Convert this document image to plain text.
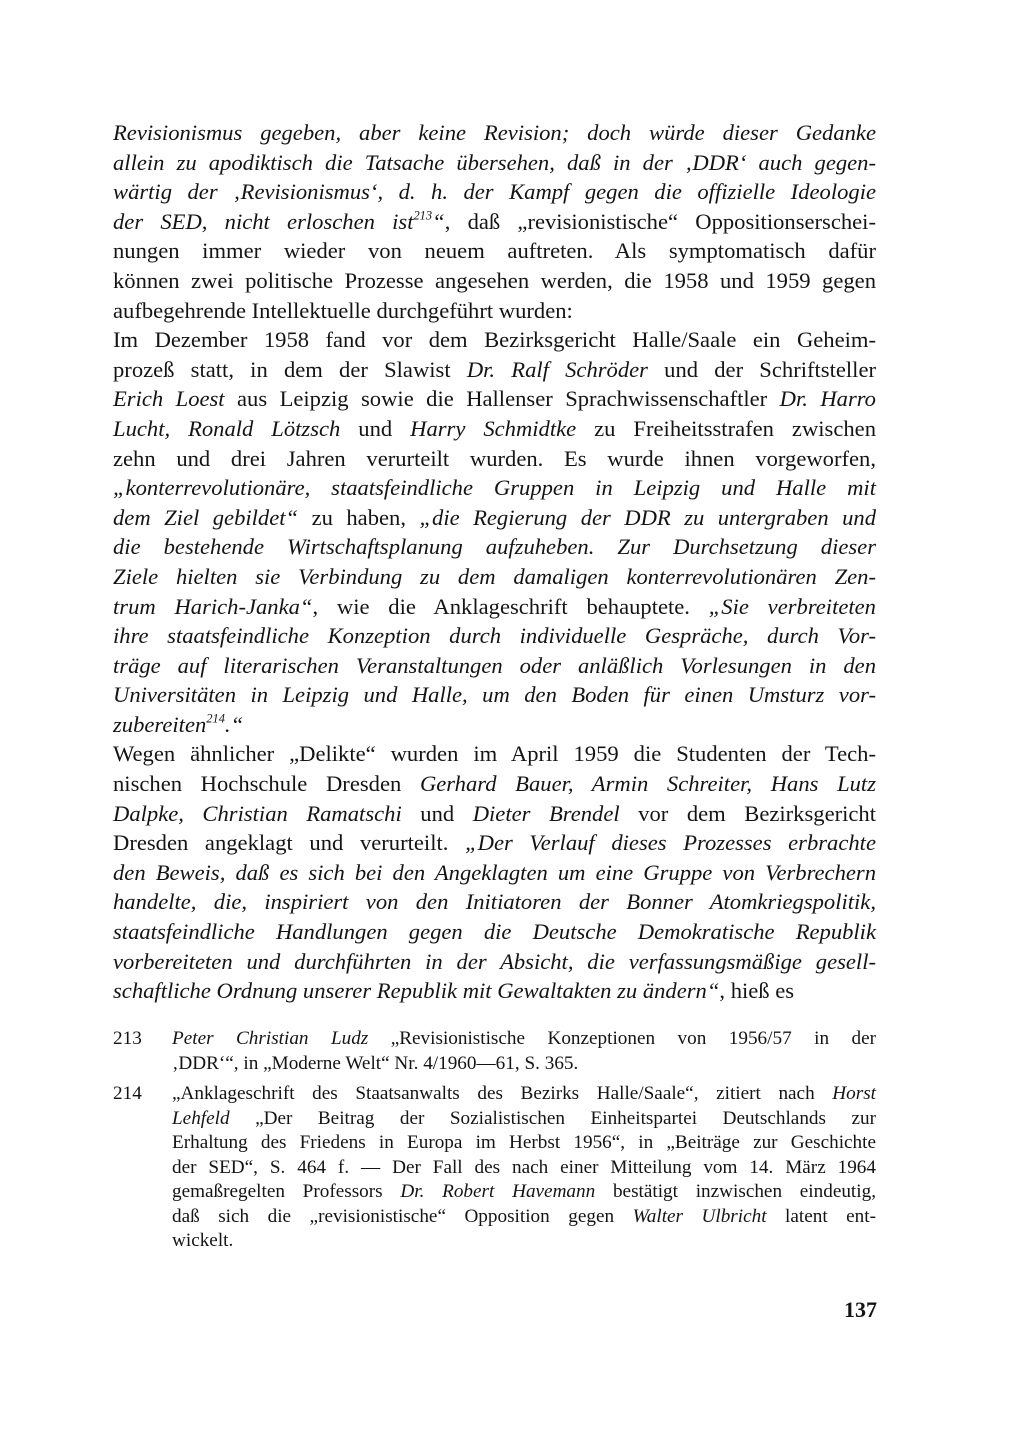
Revisionismus gegeben, aber keine Revision; doch würde dieser Gedanke
allein zu apodiktisch die Tatsache übersehen, daß in der ‚DDR‘ auch gegen-
wärtig der ‚Revisionismus‘, d. h. der Kampf gegen die offizielle Ideologie
der SED, nicht erloschen ist$^{213}$“, daß „revisionistische“ Oppositionserschei-
nungen immer wieder von neuem auftreten. Als symptomatisch dafür
können zwei politische Prozesse angesehen werden, die 1958 und 1959 gegen
aufbegehrende Intellektuelle durchgeführt wurden:
Im Dezember 1958 fand vor dem Bezirksgericht Halle/Saale ein Geheim-
prozeß statt, in dem der Slawist Dr. Ralf Schröder und der Schriftsteller
Erich Loest aus Leipzig sowie die Hallenser Sprachwissenschaftler Dr. Harro
Lucht, Ronald Lötzsch und Harry Schmidtke zu Freiheitsstrafen zwischen
zehn und drei Jahren verurteilt wurden. Es wurde ihnen vorgeworfen,
„konterrevolutionäre, staatsfeindliche Gruppen in Leipzig und Halle mit
dem Ziel gebildet“ zu haben, „die Regierung der DDR zu untergraben und
die bestehende Wirtschaftsplanung aufzuheben. Zur Durchsetzung dieser
Ziele hielten sie Verbindung zu dem damaligen konterrevolutionären Zen-
trum Harich-Janka“, wie die Anklageschrift behauptete. „Sie verbreiteten
ihre staatsfeindliche Konzeption durch individuelle Gespräche, durch Vor-
träge auf literarischen Veranstaltungen oder anläßlich Vorlesungen in den
Universitäten in Leipzig und Halle, um den Boden für einen Umsturz vor-
zubereiten$^{214}$.“
Wegen ähnlicher „Delikte“ wurden im April 1959 die Studenten der Tech-
nischen Hochschule Dresden Gerhard Bauer, Armin Schreiter, Hans Lutz
Dalpke, Christian Ramatschi und Dieter Brendel vor dem Bezirksgericht
Dresden angeklagt und verurteilt. „Der Verlauf dieses Prozesses erbrachte
den Beweis, daß es sich bei den Angeklagten um eine Gruppe von Verbrechern
handelte, die, inspiriert von den Initiatoren der Bonner Atomkriegspolitik,
staatsfeindliche Handlungen gegen die Deutsche Demokratische Republik
vorbereiteten und durchführten in der Absicht, die verfassungsmäßige gesell-
schaftliche Ordnung unserer Republik mit Gewaltakten zu ändern“, hieß es
213 Peter Christian Ludz „Revisionistische Konzeptionen von 1956/57 in der
‚DDR‘“, in „Moderne Welt“ Nr. 4/1960—61, S. 365.
214 „Anklageschrift des Staatsanwalts des Bezirks Halle/Saale“, zitiert nach Horst
Lehfeld „Der Beitrag der Sozialistischen Einheitspartei Deutschlands zur
Erhaltung des Friedens in Europa im Herbst 1956“, in „Beiträge zur Geschichte
der SED“, S. 464 f. — Der Fall des nach einer Mitteilung vom 14. März 1964
gemaßregelten Professors Dr. Robert Havemann bestätigt inzwischen eindeutig,
daß sich die „revisionistische“ Opposition gegen Walter Ulbricht latent ent-
wickelt.
137
